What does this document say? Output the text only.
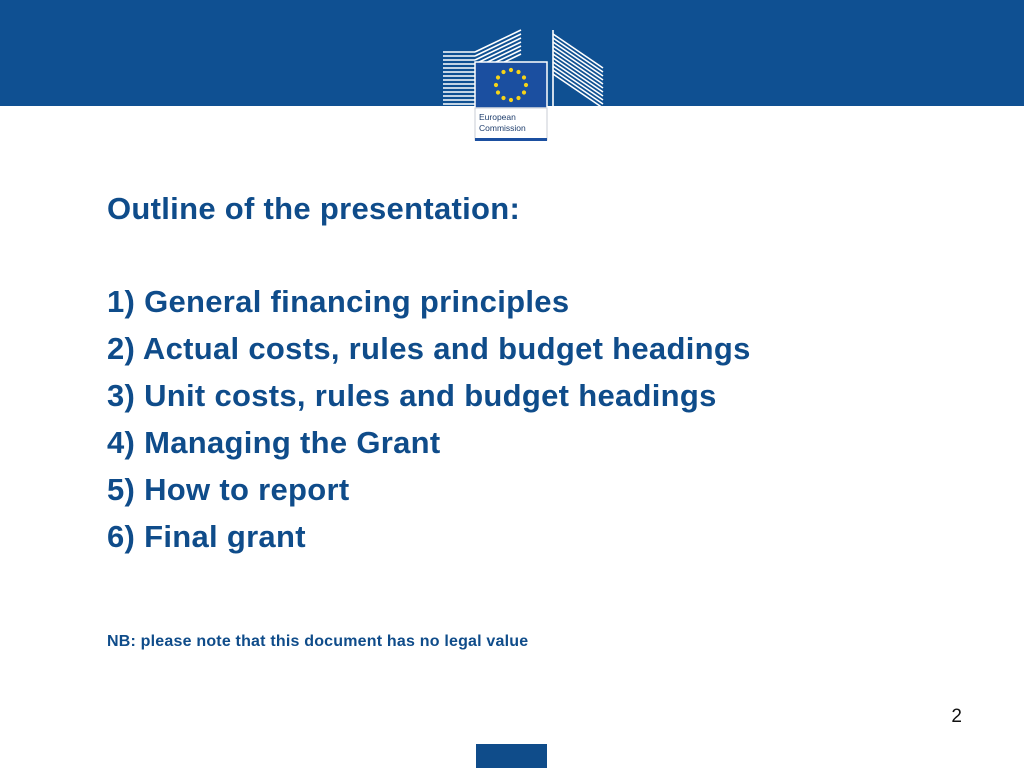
European
Commission
Outline of the presentation:
1) General financing principles
2) Actual costs, rules and budget headings
3) Unit costs, rules and budget headings
4) Managing the Grant
5) How to report
6) Final grant
NB: please note that this document has no legal value
2
